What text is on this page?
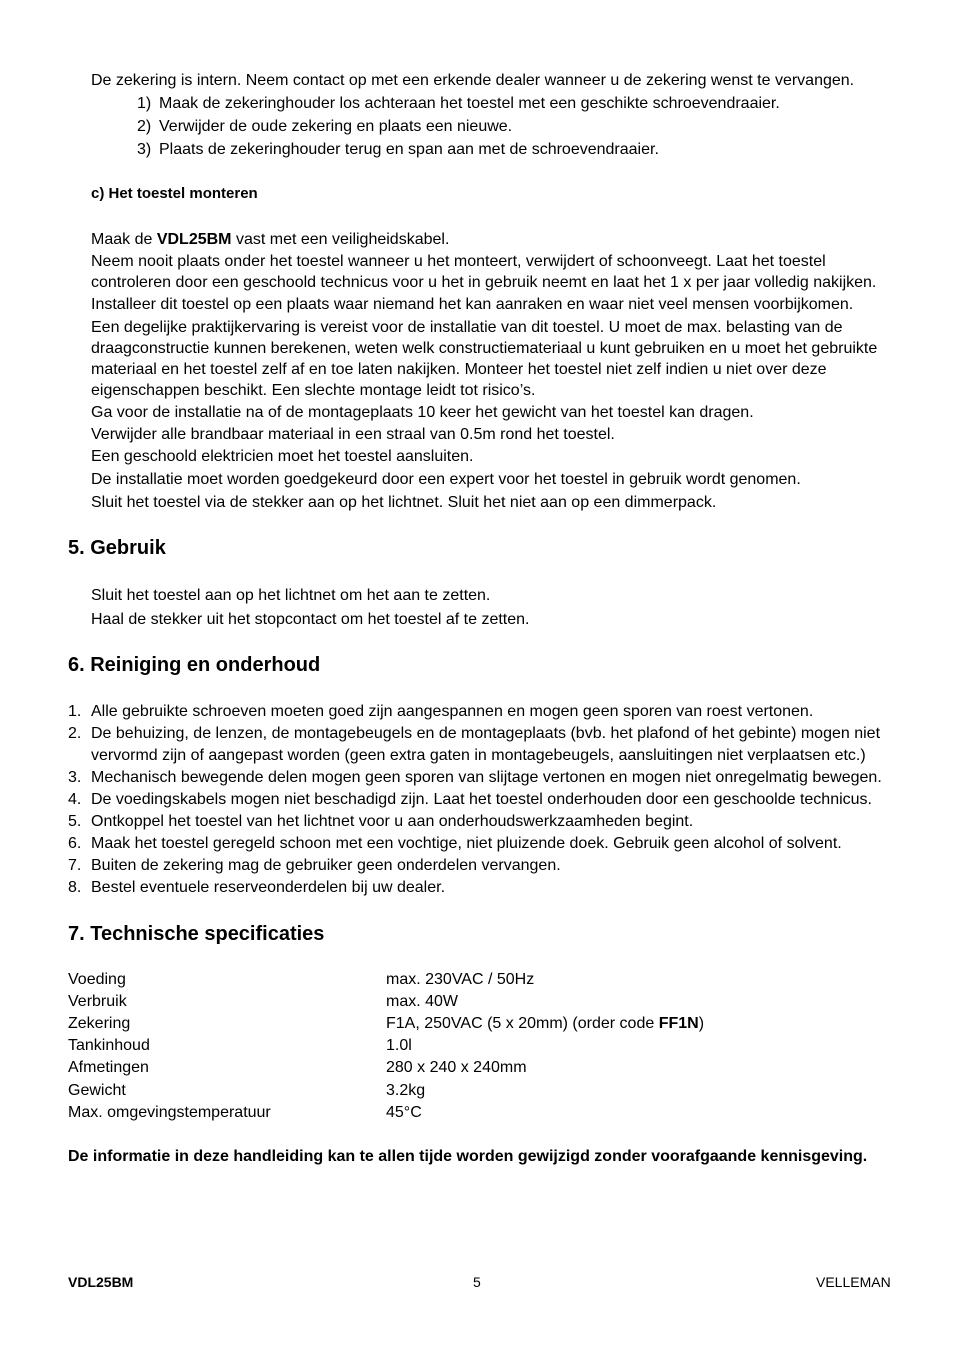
De zekering is intern. Neem contact op met een erkende dealer wanneer u de zekering wenst te vervangen.
1) Maak de zekeringhouder los achteraan het toestel met een geschikte schroevendraaier.
2) Verwijder de oude zekering en plaats een nieuwe.
3) Plaats de zekeringhouder terug en span aan met de schroevendraaier.
c) Het toestel monteren
Maak de VDL25BM vast met een veiligheidskabel.
Neem nooit plaats onder het toestel wanneer u het monteert, verwijdert of schoonveegt. Laat het toestel
controleren door een geschoold technicus voor u het in gebruik neemt en laat het 1 x per jaar volledig nakijken.
Installeer dit toestel op een plaats waar niemand het kan aanraken en waar niet veel mensen voorbijkomen.
Een degelijke praktijkervaring is vereist voor de installatie van dit toestel. U moet de max. belasting van de
draagconstructie kunnen berekenen, weten welk constructiemateriaal u kunt gebruiken en u moet het gebruikte
materiaal en het toestel zelf af en toe laten nakijken. Monteer het toestel niet zelf indien u niet over deze
eigenschappen beschikt. Een slechte montage leidt tot risico’s.
Ga voor de installatie na of de montageplaats 10 keer het gewicht van het toestel kan dragen.
Verwijder alle brandbaar materiaal in een straal van 0.5m rond het toestel.
Een geschoold elektricien moet het toestel aansluiten.
De installatie moet worden goedgekeurd door een expert voor het toestel in gebruik wordt genomen.
Sluit het toestel via de stekker aan op het lichtnet. Sluit het niet aan op een dimmerpack.
5. Gebruik
Sluit het toestel aan op het lichtnet om het aan te zetten.
Haal de stekker uit het stopcontact om het toestel af te zetten.
6. Reiniging en onderhoud
1. Alle gebruikte schroeven moeten goed zijn aangespannen en mogen geen sporen van roest vertonen.
2. De behuizing, de lenzen, de montagebeugels en de montageplaats (bvb. het plafond of het gebinte) mogen niet
vervormd zijn of aangepast worden (geen extra gaten in montagebeugels, aansluitingen niet verplaatsen etc.)
3. Mechanisch bewegende delen mogen geen sporen van slijtage vertonen en mogen niet onregelmatig bewegen.
4. De voedingskabels mogen niet beschadigd zijn. Laat het toestel onderhouden door een geschoolde technicus.
5. Ontkoppel het toestel van het lichtnet voor u aan onderhoudswerkzaamheden begint.
6. Maak het toestel geregeld schoon met een vochtige, niet pluizende doek. Gebruik geen alcohol of solvent.
7. Buiten de zekering mag de gebruiker geen onderdelen vervangen.
8. Bestel eventuele reserveonderdelen bij uw dealer.
7. Technische specificaties
Voeding	max. 230VAC / 50Hz
Verbruik	max. 40W
Zekering	F1A, 250VAC (5 x 20mm) (order code FF1N)
Tankinhoud	1.0l
Afmetingen	280 x 240 x 240mm
Gewicht	3.2kg
Max. omgevingstemperatuur	45°C
De informatie in deze handleiding kan te allen tijde worden gewijzigd zonder voorafgaande kennisgeving.
VDL25BM	5	VELLEMAN
